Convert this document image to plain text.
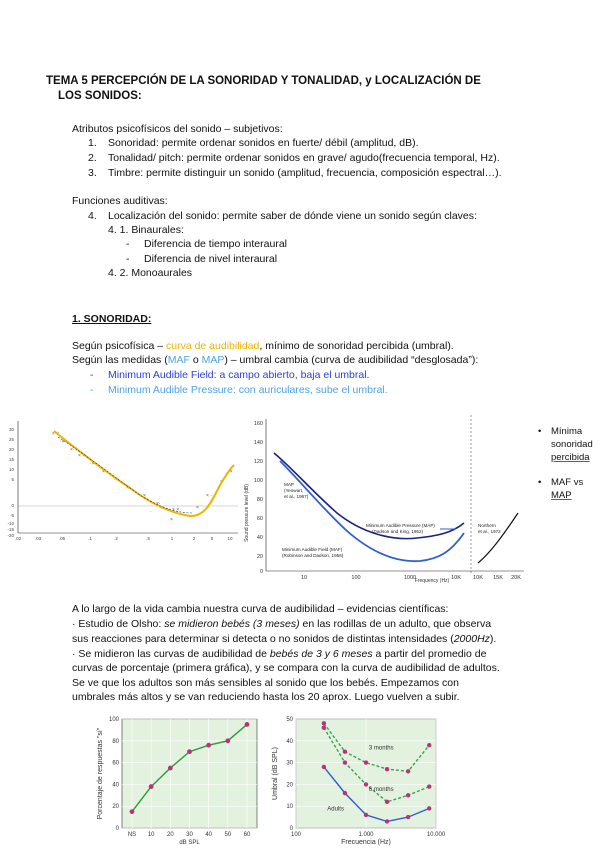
TEMA 5 PERCEPCIÓN DE LA SONORIDAD Y TONALIDAD, y LOCALIZACIÓN DE
LOS SONIDOS:
Atributos psicofísicos del sonido – subjetivos:
1. Sonoridad: permite ordenar sonidos en fuerte/ débil (amplitud, dB).
2. Tonalidad/ pitch: permite ordenar sonidos en grave/ agudo(frecuencia temporal, Hz).
3. Timbre: permite distinguir un sonido (amplitud, frecuencia, composición espectral…).
Funciones auditivas:
4. Localización del sonido: permite saber de dónde viene un sonido según claves:
4. 1. Binaurales:
- Diferencia de tiempo interaural
- Diferencia de nivel interaural
4. 2. Monoaurales
1. SONORIDAD:
Según psicofísica – curva de audibilidad, mínimo de sonoridad percibida (umbral).
Según las medidas (MAF o MAP) – umbral cambia (curva de audibilidad “desglosada”):
- Minimum Audible Field: a campo abierto, baja el umbral.
- Minimum Audible Pressure: con auriculares, sube el umbral.
30
25
20
15
10
5
0
-5
-10
-15
-20
.02	.03	.05	.1	.2	.5	1	2	5	10
× ×
·×·
×·
× ×
·×
× ·
·×
×
· ×
×·
× ×
·
×
× ·
×
·×
×
·	Sound pressure level (dB)
160
140
120
100
80
60
40
20
0
10	100	1000	10K 10K 15K 20K
Frequency (Hz)
MAP
(Yeowart,
et al., 1967)
Minimum Audible Pressure (MAP)
(Dadson and King, 1952)
Minimum Audible Field (MAF)
(Robinson and Dadson, 1956)
Northern
et al., 1972
• Mínima
sonoridad
percibida
• MAF vs
MAP
A lo largo de la vida cambia nuestra curva de audibilidad – evidencias científicas:
· Estudio de Olsho: se midieron bebés (3 meses) en las rodillas de un adulto, que observa
sus reacciones para determinar si detecta o no sonidos de distintas intensidades (2000Hz).
· Se midieron las curvas de audibilidad de bebés de 3 y 6 meses a partir del promedio de
curvas de porcentaje (primera gráfica), y se compara con la curva de audibilidad de adultos.
Se ve que los adultos son más sensibles al sonido que los bebés. Empezamos con
umbrales más altos y se van reduciendo hasta los 20 aprox. Luego vuelven a subir.
100
80
60
40
20
0
NS 10 20 30 40 50 60
dB SPL
Porcentaje de respuestas "sí"
50
40
30
20
10
0
100	1.000	10.000
3 months
6 months
Adults
Frecuencia (Hz)
Umbral (dB SPL)
